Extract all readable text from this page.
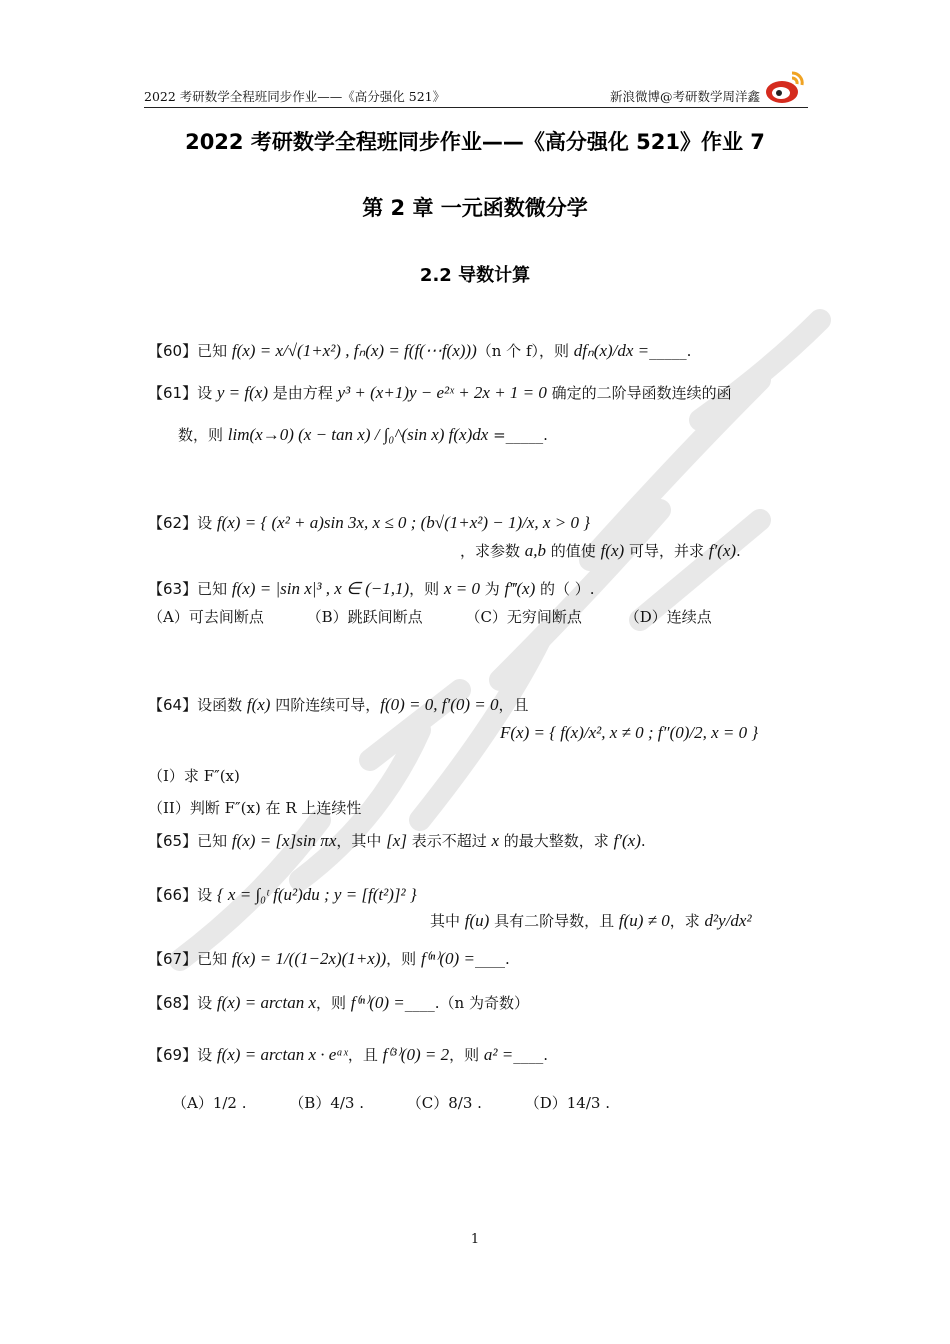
2022 考研数学全程班同步作业——《高分强化 521》	新浪微博@考研数学周洋鑫
2022 考研数学全程班同步作业——《高分强化 521》作业 7
第 2 章 一元函数微分学
2.2 导数计算
【60】已知 f(x) = x/√(1+x²) , fₙ(x) = f(f(⋯f(x)))（n 个 f），则 dfₙ(x)/dx =_____.
【61】设 y = f(x) 是由方程 y³ + (x+1)y − e²ˣ + 2x + 1 = 0 确定的二阶导函数连续的函
数，则 lim(x→0) (x − tan x) / ∫₀^(sin x) f(x)dx =_____.
【62】设 f(x) = { (x² + a)sin 3x, x ≤ 0 ; (b√(1+x²) − 1)/x, x > 0 }
，求参数 a,b 的值使 f(x) 可导，并求 f′(x).
【63】已知 f(x) = |sin x|³ , x ∈ (−1,1)，则 x = 0 为 f‴(x) 的（ ）.
（A）可去间断点	（B）跳跃间断点	（C）无穷间断点	（D）连续点
【64】设函数 f(x) 四阶连续可导，f(0) = 0, f′(0) = 0，且
F(x) = { f(x)/x², x ≠ 0 ; f″(0)/2, x = 0 }
（I）求 F″(x)
（II）判断 F″(x) 在 R 上连续性
【65】已知 f(x) = [x]sin πx，其中 [x] 表示不超过 x 的最大整数，求 f′(x).
【66】设 { x = ∫₀ᵗ f(u²)du ; y = [f(t²)]² }
其中 f(u) 具有二阶导数，且 f(u) ≠ 0，求 d²y/dx²
【67】已知 f(x) = 1/((1−2x)(1+x))，则 f⁽ⁿ⁾(0) =____.
【68】设 f(x) = arctan x，则 f⁽ⁿ⁾(0) =____.（n 为奇数）
【69】设 f(x) = arctan x · eᵃˣ，且 f⁽³⁾(0) = 2，则 a² =____.
（A）1/2 .	（B）4/3 .	（C）8/3 .	（D）14/3 .
1
